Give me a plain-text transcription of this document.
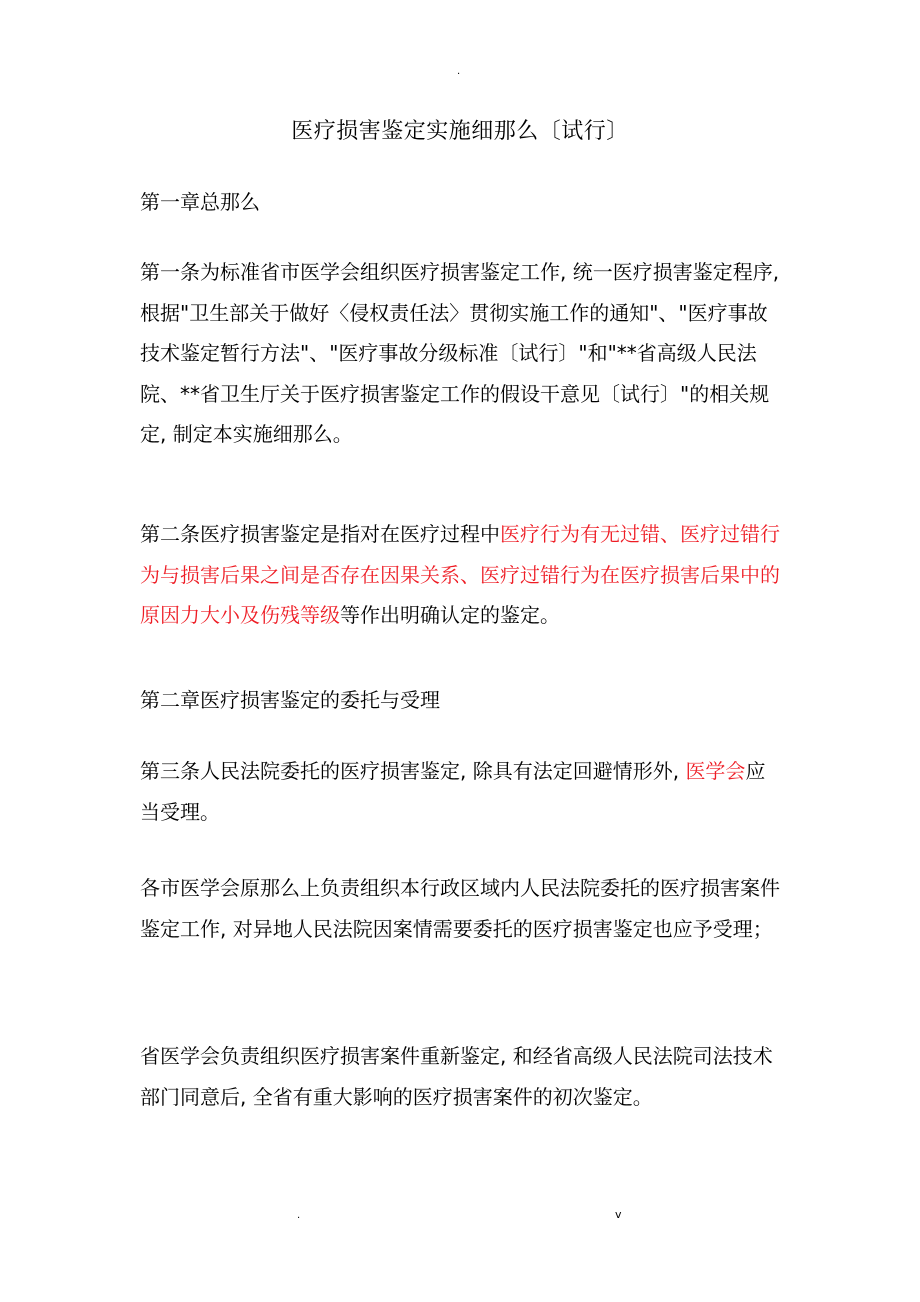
.
医疗损害鉴定实施细那么〔试行〕
第一章总那么
第一条为标准省市医学会组织医疗损害鉴定工作, 统一医疗损害鉴定程序, 根据"卫生部关于做好〈侵权责任法〉贯彻实施工作的通知"、"医疗事故技术鉴定暂行方法"、"医疗事故分级标准〔试行〕"和"**省高级人民法院、**省卫生厅关于医疗损害鉴定工作的假设干意见〔试行〕"的相关规定, 制定本实施细那么。
第二条医疗损害鉴定是指对在医疗过程中医疗行为有无过错、医疗过错行为与损害后果之间是否存在因果关系、医疗过错行为在医疗损害后果中的原因力大小及伤残等级等作出明确认定的鉴定。
第二章医疗损害鉴定的委托与受理
第三条人民法院委托的医疗损害鉴定, 除具有法定回避情形外, 医学会应当受理。
各市医学会原那么上负责组织本行政区域内人民法院委托的医疗损害案件鉴定工作, 对异地人民法院因案情需要委托的医疗损害鉴定也应予受理；
省医学会负责组织医疗损害案件重新鉴定, 和经省高级人民法院司法技术部门同意后, 全省有重大影响的医疗损害案件的初次鉴定。
.	v
